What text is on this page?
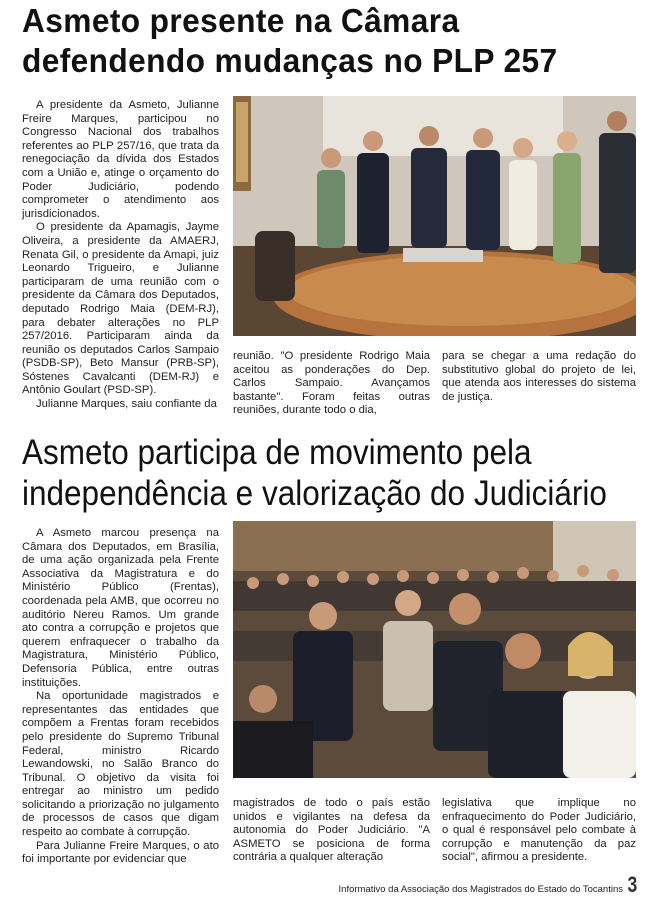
Asmeto presente na Câmara
defendendo mudanças no PLP 257

A presidente da Asmeto, Julianne Freire Marques, participou no Congresso Nacional dos trabalhos referentes ao PLP 257/16, que trata da renegociação da dívida dos Estados com a União e, atinge o orçamento do Poder Judiciário, podendo comprometer o atendimento aos jurisdicionados.

O presidente da Apamagis, Jayme Oliveira, a presidente da AMAERJ, Renata Gil, o presidente da Amapi, juiz Leonardo Trigueiro, e Julianne participaram de uma reunião com o presidente da Câmara dos Deputados, deputado Rodrigo Maia (DEM-RJ), para debater alterações no PLP 257/2016. Participaram ainda da reunião os deputados Carlos Sampaio (PSDB-SP), Beto Mansur (PRB-SP), Sóstenes Cavalcanti (DEM-RJ) e Antônio Goulart (PSD-SP).

Julianne Marques, saiu confiante da

reunião. "O presidente Rodrigo Maia aceitou as ponderações do Dep. Carlos Sampaio. Avançamos bastante". Foram feitas outras reuniões, durante todo o dia,

para se chegar a uma redação do substitutivo global do projeto de lei, que atenda aos interesses do sistema de justiça.

Asmeto participa de movimento pela
independência e valorização do Judiciário

A Asmeto marcou presença na Câmara dos Deputados, em Brasília, de uma ação organizada pela Frente Associativa da Magistratura e do Ministério Público (Frentas), coordenada pela AMB, que ocorreu no auditório Nereu Ramos. Um grande ato contra a corrupção e projetos que querem enfraquecer o trabalho da Magistratura, Ministério Público, Defensoria Pública, entre outras instituições.

Na oportunidade magistrados e representantes das entidades que compõem a Frentas foram recebidos pelo presidente do Supremo Tribunal Federal, ministro Ricardo Lewandowski, no Salão Branco do Tribunal. O objetivo da visita foi entregar ao ministro um pedido solicitando a priorização no julgamento de processos de casos que digam respeito ao combate à corrupção.

Para Julianne Freire Marques, o ato foi importante por evidenciar que

magistrados de todo o país estão unidos e vigilantes na defesa da autonomia do Poder Judiciário. "A ASMETO se posiciona de forma contrária a qualquer alteração

legislativa que implique no enfraquecimento do Poder Judiciário, o qual é responsável pelo combate à corrupção e manutenção da paz social", afirmou a presidente.

Informativo da Associação dos Magistrados do Estado do Tocantins 3
